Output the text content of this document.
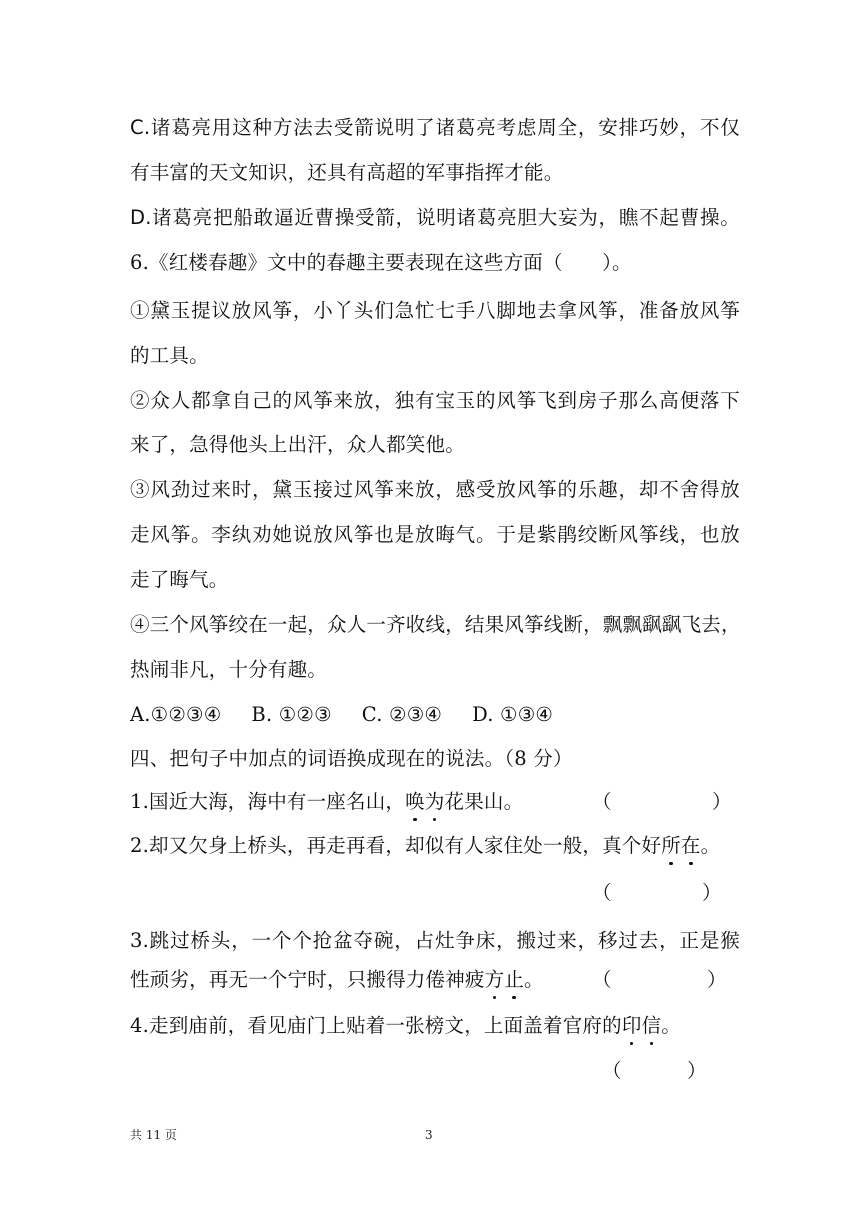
C.诸葛亮用这种方法去受箭说明了诸葛亮考虑周全，安排巧妙，不仅
有丰富的天文知识，还具有高超的军事指挥才能。
D.诸葛亮把船敢逼近曹操受箭，说明诸葛亮胆大妄为，瞧不起曹操。
6.《红楼春趣》文中的春趣主要表现在这些方面（　　）。
①黛玉提议放风筝，小丫头们急忙七手八脚地去拿风筝，准备放风筝
的工具。
②众人都拿自己的风筝来放，独有宝玉的风筝飞到房子那么高便落下
来了，急得他头上出汗，众人都笑他。
③风劲过来时，黛玉接过风筝来放，感受放风筝的乐趣，却不舍得放
走风筝。李纨劝她说放风筝也是放晦气。于是紫鹃绞断风筝线，也放
走了晦气。
④三个风筝绞在一起，众人一齐收线，结果风筝线断，飘飘飖飖飞去，
热闹非凡，十分有趣。
A.①②③④ B. ①②③ C. ②③④ D. ①③④
四、把句子中加点的词语换成现在的说法。（8 分）
1.国近大海，海中有一座名山，唤为花果山。	（	）
2.却又欠身上桥头，再走再看，却似有人家住处一般，真个好所在。
（	）
3.跳过桥头，一个个抢盆夺碗，占灶争床，搬过来，移过去，正是猴
性顽劣，再无一个宁时，只搬得力倦神疲方止。	（	）
4.走到庙前，看见庙门上贴着一张榜文，上面盖着官府的印信。
（	）
共 11 页	3
